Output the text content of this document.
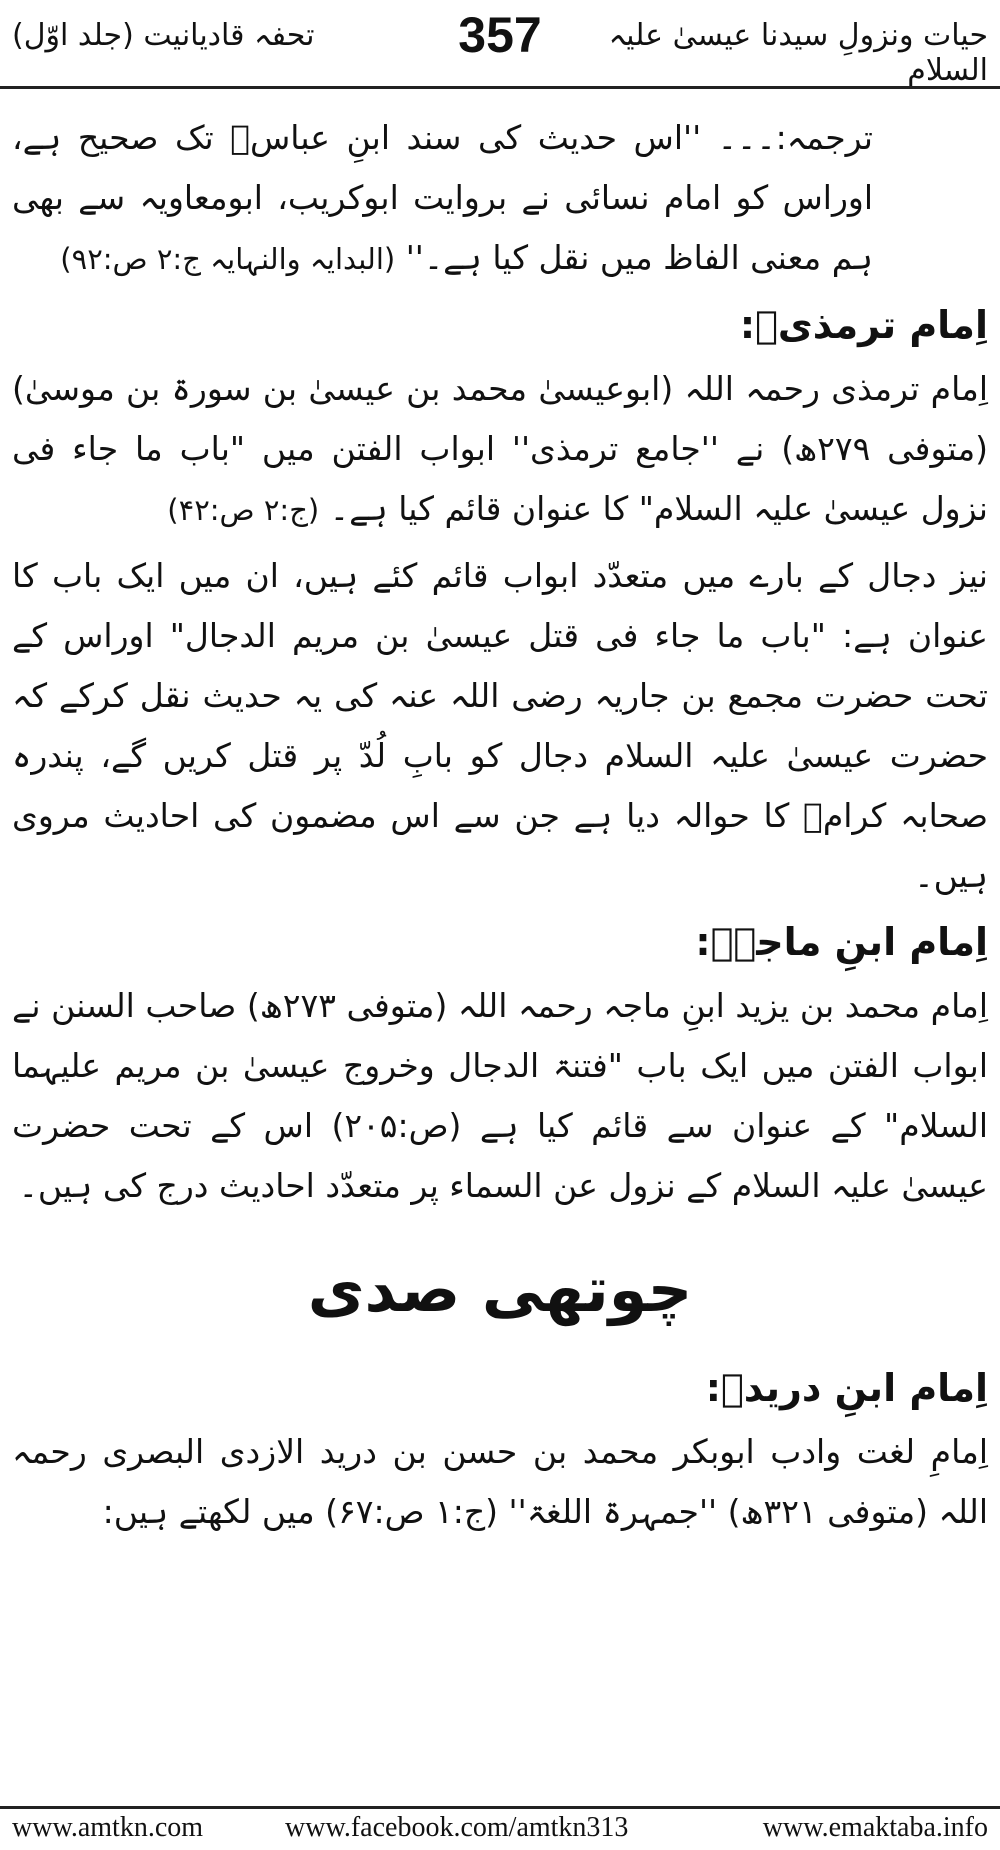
تحفہ قادیانیت (جلد اوّل)	357	حیات ونزولِ سیدنا عیسیٰ علیہ السلام

ترجمہ:۔۔۔ ''اس حدیث کی سند ابنِ عباسؓ تک صحیح ہے، اوراس کو امام نسائی نے بروایت ابوکریب، ابومعاویہ سے بھی ہم معنی الفاظ میں نقل کیا ہے۔'' (البدایہ والنہایہ ج:۲ ص:۹۲)

اِمام ترمذیؒ:

اِمام ترمذی رحمہ اللہ (ابوعیسیٰ محمد بن عیسیٰ بن سورۃ بن موسیٰ) (متوفی ۲۷۹ھ) نے ''جامع ترمذی'' ابواب الفتن میں "باب ما جاء فی نزول عیسیٰ علیہ السلام" کا عنوان قائم کیا ہے۔ (ج:۲ ص:۴۲)

نیز دجال کے بارے میں متعدّد ابواب قائم کئے ہیں، ان میں ایک باب کا عنوان ہے: "باب ما جاء فی قتل عیسیٰ بن مریم الدجال" اوراس کے تحت حضرت مجمع بن جاریہ رضی اللہ عنہ کی یہ حدیث نقل کرکے کہ حضرت عیسیٰ علیہ السلام دجال کو بابِ لُدّ پر قتل کریں گے، پندرہ صحابہ کرامؓ کا حوالہ دیا ہے جن سے اس مضمون کی احادیث مروی ہیں۔

اِمام ابنِ ماجہؒ:

اِمام محمد بن یزید ابنِ ماجہ رحمہ اللہ (متوفی ۲۷۳ھ) صاحب السنن نے ابواب الفتن میں ایک باب "فتنۃ الدجال وخروج عیسیٰ بن مریم علیہما السلام" کے عنوان سے قائم کیا ہے (ص:۲۰۵) اس کے تحت حضرت عیسیٰ علیہ السلام کے نزول عن السماء پر متعدّد احادیث درج کی ہیں۔

چوتھی صدی
اِمام ابنِ دریدؒ:

اِمامِ لغت وادب ابوبکر محمد بن حسن بن درید الازدی البصری رحمہ اللہ (متوفی ۳۲۱ھ) ''جمہرۃ اللغۃ'' (ج:۱ ص:۶۷) میں لکھتے ہیں:

www.amtkn.com	www.facebook.com/amtkn313	www.emaktaba.info
